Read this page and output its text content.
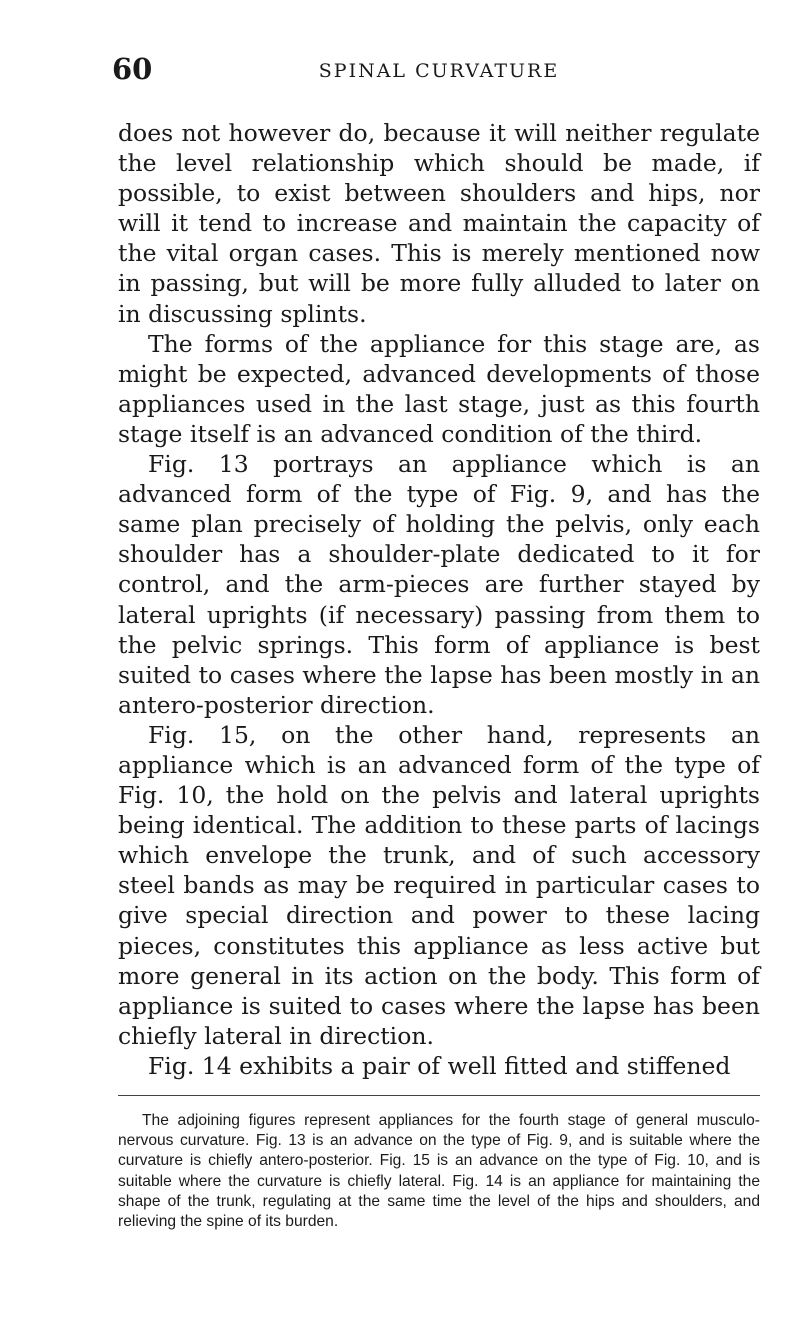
60	SPINAL CURVATURE

does not however do, because it will neither regulate the level relationship which should be made, if possible, to exist between shoulders and hips, nor will it tend to increase and maintain the capacity of the vital organ cases. This is merely mentioned now in passing, but will be more fully alluded to later on in discussing splints.

The forms of the appliance for this stage are, as might be expected, advanced developments of those appliances used in the last stage, just as this fourth stage itself is an advanced condition of the third.

Fig. 13 portrays an appliance which is an advanced form of the type of Fig. 9, and has the same plan precisely of holding the pelvis, only each shoulder has a shoulder-plate dedicated to it for control, and the arm-pieces are further stayed by lateral uprights (if necessary) passing from them to the pelvic springs. This form of appliance is best suited to cases where the lapse has been mostly in an antero-posterior direction.

Fig. 15, on the other hand, represents an appliance which is an advanced form of the type of Fig. 10, the hold on the pelvis and lateral uprights being identical. The addition to these parts of lacings which envelope the trunk, and of such accessory steel bands as may be required in particular cases to give special direction and power to these lacing pieces, constitutes this appliance as less active but more general in its action on the body. This form of appliance is suited to cases where the lapse has been chiefly lateral in direction.

Fig. 14 exhibits a pair of well fitted and stiffened

The adjoining figures represent appliances for the fourth stage of general musculo-nervous curvature. Fig. 13 is an advance on the type of Fig. 9, and is suitable where the curvature is chiefly antero-posterior. Fig. 15 is an advance on the type of Fig. 10, and is suitable where the curvature is chiefly lateral. Fig. 14 is an appliance for maintaining the shape of the trunk, regulating at the same time the level of the hips and shoulders, and relieving the spine of its burden.
